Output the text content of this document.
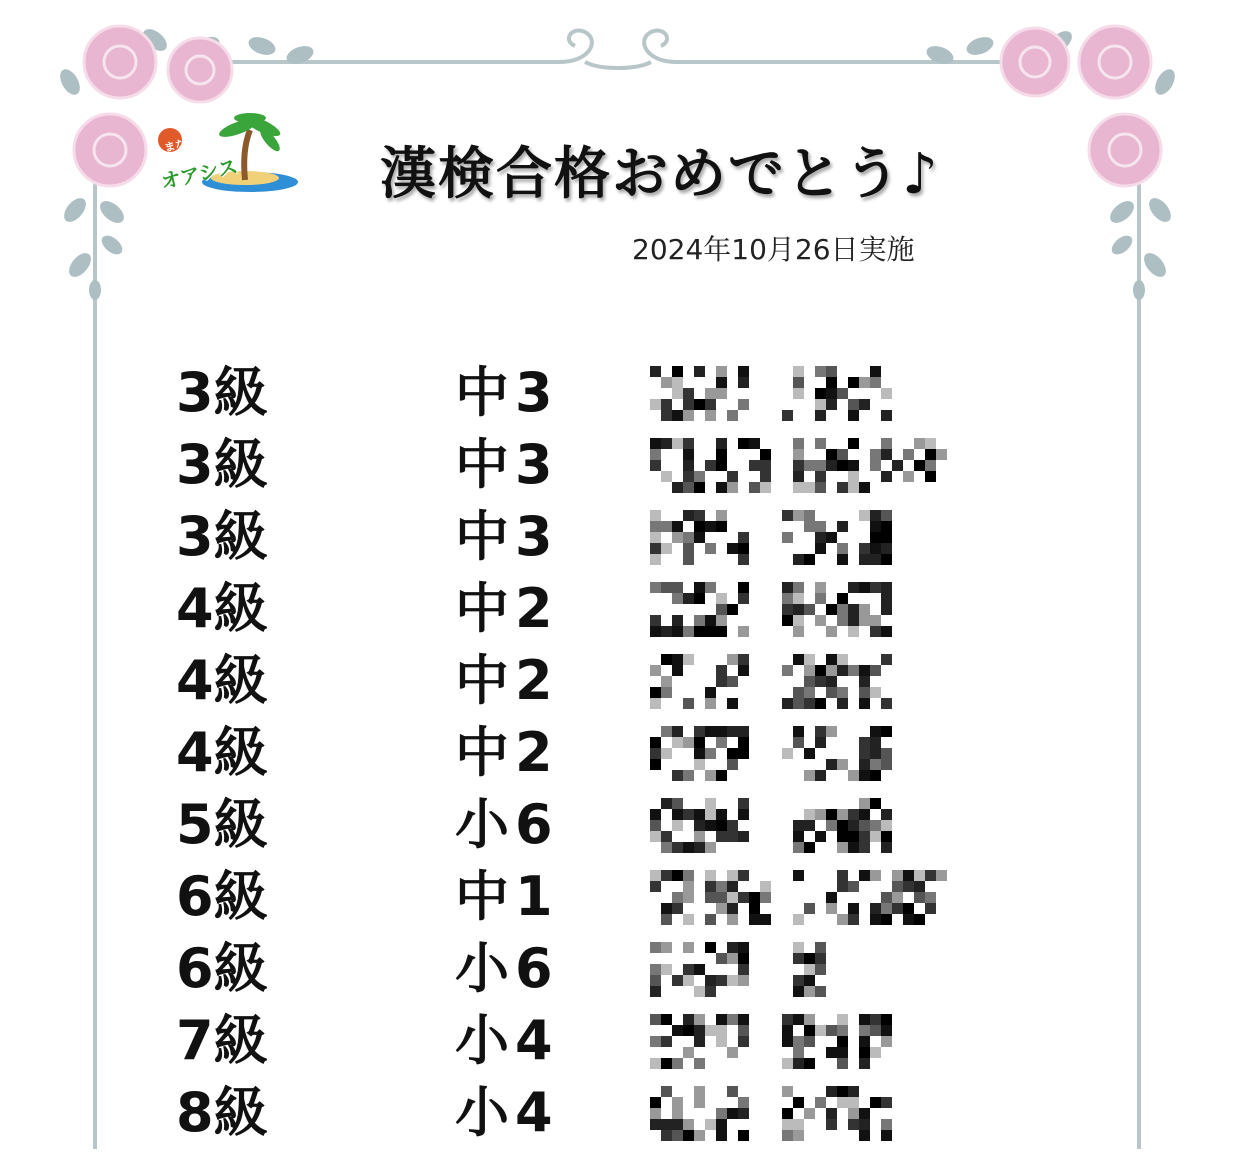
まなび舎
オアシス	漢検合格おめでとう♪
2024年10月26日実施
3級	中3
3級	中3
3級	中3
4級	中2
4級	中2
4級	中2
5級	小6
6級	中1
6級	小6
7級	小4
8級	小4
